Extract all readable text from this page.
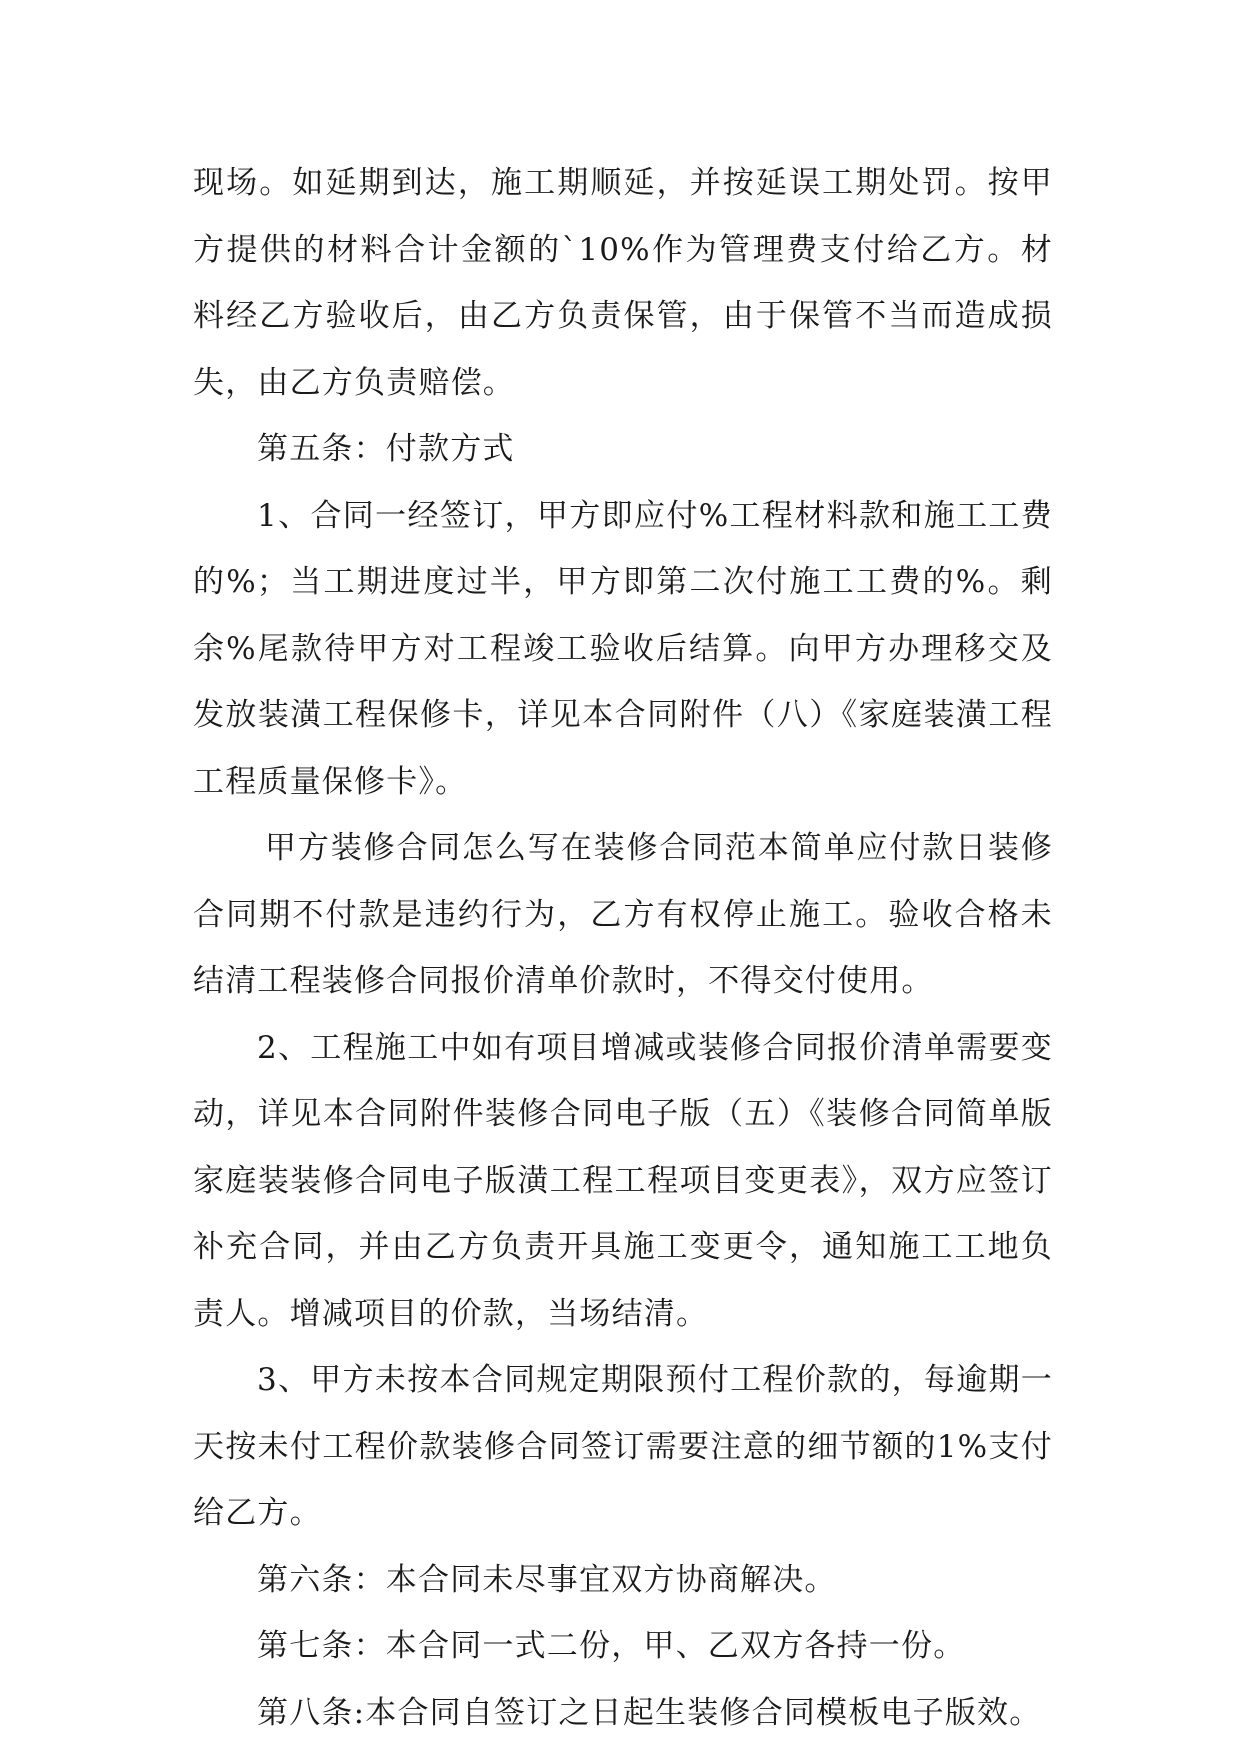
现场。如延期到达，施工期顺延，并按延误工期处罚。按甲方提供的材料合计金额的`10%作为管理费支付给乙方。材料经乙方验收后，由乙方负责保管，由于保管不当而造成损失，由乙方负责赔偿。

第五条：付款方式

1、合同一经签订，甲方即应付%工程材料款和施工工费的%；当工期进度过半，甲方即第二次付施工工费的%。剩余%尾款待甲方对工程竣工验收后结算。向甲方办理移交及发放装潢工程保修卡，详见本合同附件（八）《家庭装潢工程工程质量保修卡》。

甲方装修合同怎么写在装修合同范本简单应付款日装修合同期不付款是违约行为，乙方有权停止施工。验收合格未结清工程装修合同报价清单价款时，不得交付使用。

2、工程施工中如有项目增减或装修合同报价清单需要变动，详见本合同附件装修合同电子版（五）《装修合同简单版家庭装装修合同电子版潢工程工程项目变更表》，双方应签订补充合同，并由乙方负责开具施工变更令，通知施工工地负责人。增减项目的价款，当场结清。

3、甲方未按本合同规定期限预付工程价款的，每逾期一天按未付工程价款装修合同签订需要注意的细节额的1%支付给乙方。

第六条：本合同未尽事宜双方协商解决。

第七条：本合同一式二份，甲、乙双方各持一份。

第八条:本合同自签订之日起生装修合同模板电子版效。
